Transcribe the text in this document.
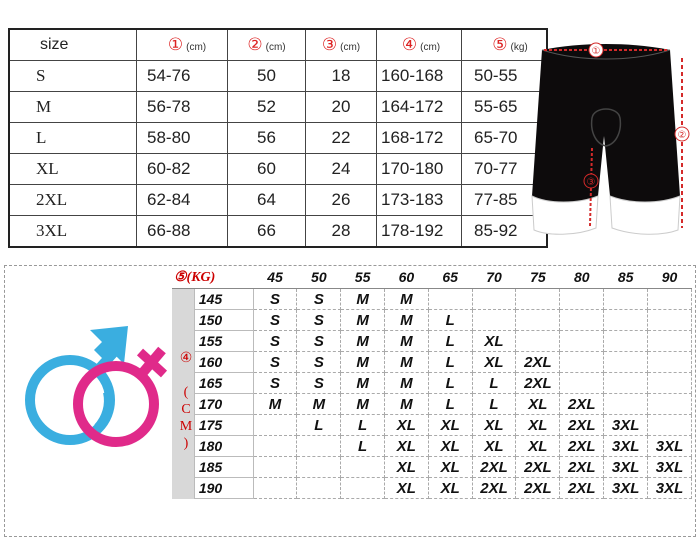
size	① (cm)	② (cm)	③ (cm)	④ (cm)	⑤ (kg)
S	54-76	50	18	160-168	50-55
M	56-78	52	20	164-172	55-65
L	58-80	56	22	168-172	65-70
XL	60-82	60	24	170-180	70-77
2XL	62-84	64	26	173-183	77-85
3XL	66-88	66	28	178-192	85-92
①
②
③
⑤(KG)		45	50	55	60	65	70	75	80	85	90
	145	S	S	M	M						
	150	S	S	M	M	L					
	155	S	S	M	M	L	XL				
	160	S	S	M	M	L	XL	2XL			
	165	S	S	M	M	L	L	2XL			
	170	M	M	M	M	L	L	XL	2XL		
	175		L	L	XL	XL	XL	XL	2XL	3XL	
	180			L	XL	XL	XL	XL	2XL	3XL	3XL
	185				XL	XL	2XL	2XL	2XL	3XL	3XL
	190				XL	XL	2XL	2XL	2XL	3XL	3XL
④

(
C
M
)
